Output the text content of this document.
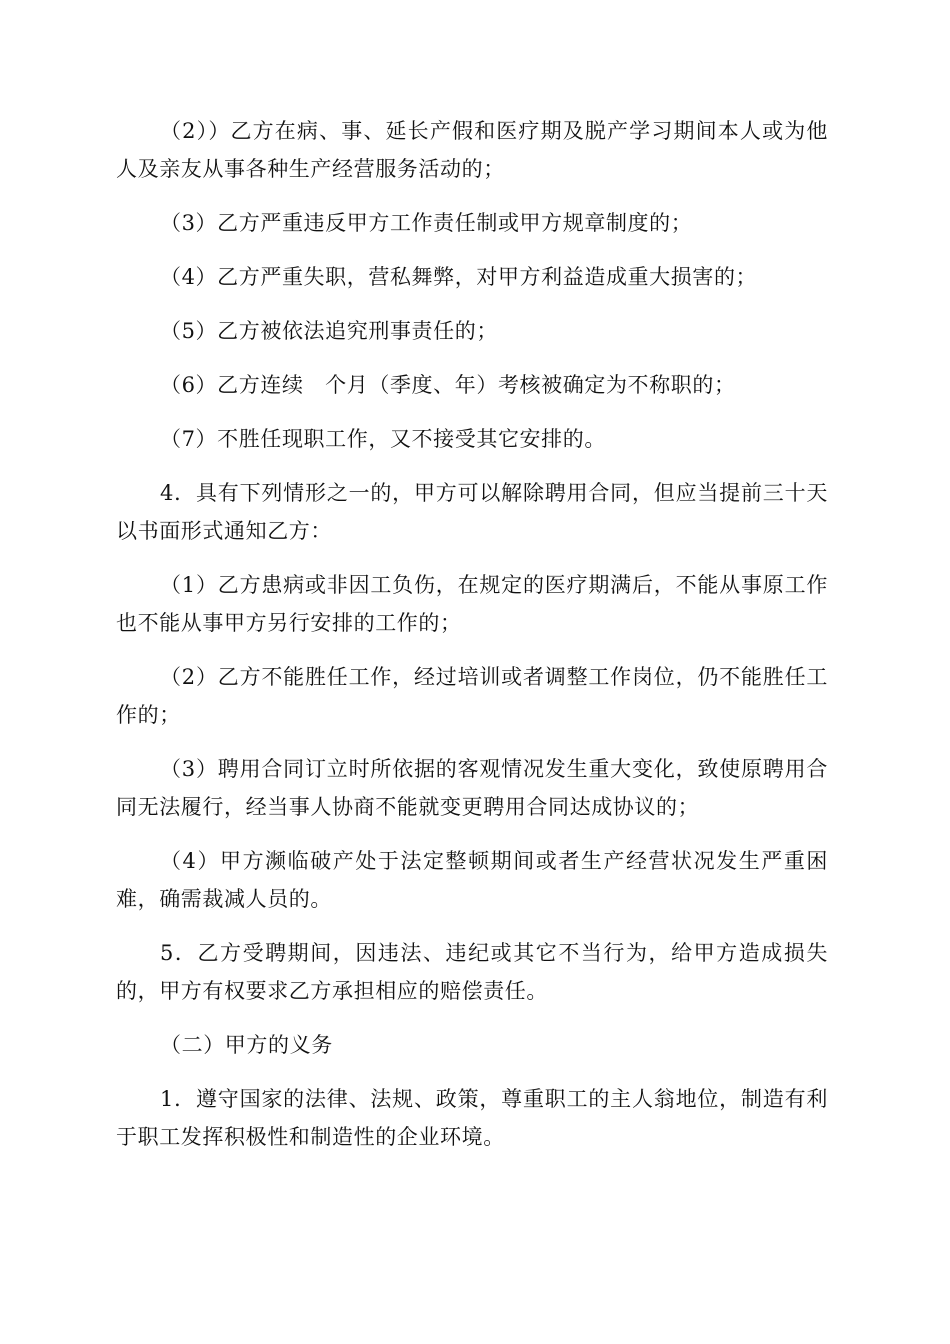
（2））乙方在病、事、延长产假和医疗期及脱产学习期间本人或为他人及亲友从事各种生产经营服务活动的；

（3）乙方严重违反甲方工作责任制或甲方规章制度的；

（4）乙方严重失职，营私舞弊，对甲方利益造成重大损害的；

（5）乙方被依法追究刑事责任的；

（6）乙方连续　个月（季度、年）考核被确定为不称职的；

（7）不胜任现职工作，又不接受其它安排的。

4．具有下列情形之一的，甲方可以解除聘用合同，但应当提前三十天以书面形式通知乙方：

（1）乙方患病或非因工负伤，在规定的医疗期满后，不能从事原工作也不能从事甲方另行安排的工作的；

（2）乙方不能胜任工作，经过培训或者调整工作岗位，仍不能胜任工作的；

（3）聘用合同订立时所依据的客观情况发生重大变化，致使原聘用合同无法履行，经当事人协商不能就变更聘用合同达成协议的；

（4）甲方濒临破产处于法定整顿期间或者生产经营状况发生严重困难，确需裁减人员的。

5．乙方受聘期间，因违法、违纪或其它不当行为，给甲方造成损失的，甲方有权要求乙方承担相应的赔偿责任。

（二）甲方的义务

1．遵守国家的法律、法规、政策，尊重职工的主人翁地位，制造有利于职工发挥积极性和制造性的企业环境。
